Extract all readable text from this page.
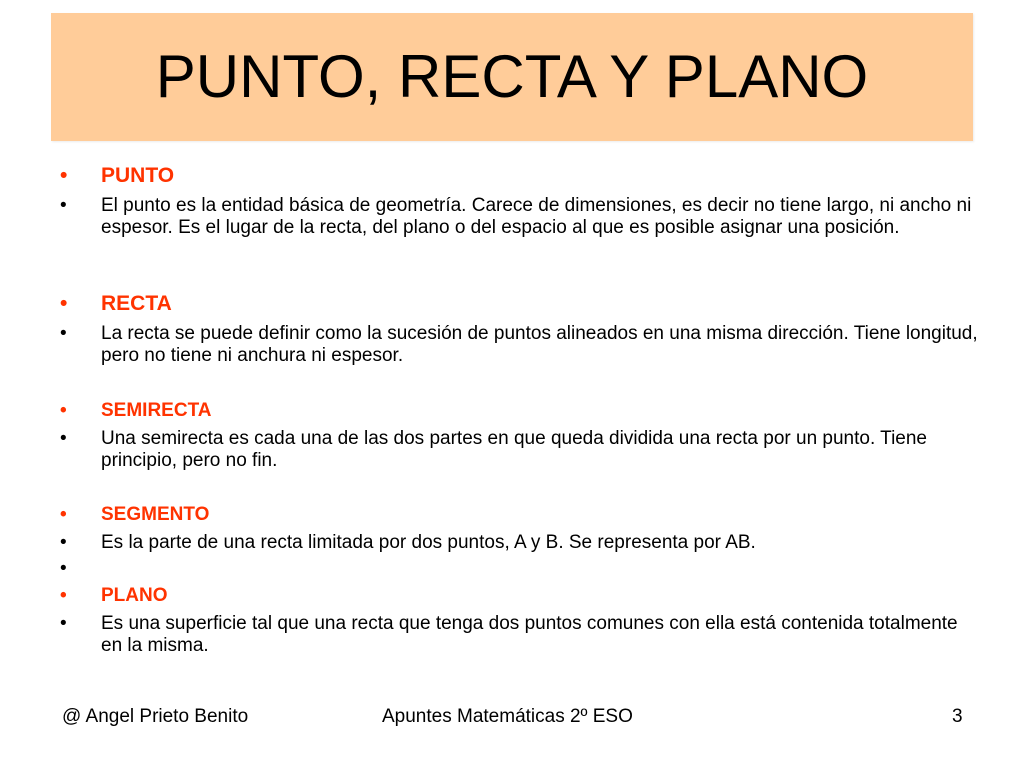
PUNTO, RECTA Y PLANO
•	PUNTO
•	El punto es la entidad básica de geometría. Carece de dimensiones, es decir no tiene largo, ni ancho ni espesor. Es el lugar de la recta, del plano o del espacio al que es posible asignar una posición.
•	RECTA
•	La recta se puede definir como la sucesión de puntos alineados en una misma dirección. Tiene longitud, pero no tiene ni anchura ni espesor.
•	SEMIRECTA
•	Una semirecta es cada una de las dos partes en que queda dividida una recta por un punto. Tiene principio, pero no fin.
•	SEGMENTO
•	Es la parte de una recta limitada por dos puntos, A y B. Se representa por AB.
•
•	PLANO
•	Es una superficie tal que una recta que tenga dos puntos comunes con ella está contenida totalmente en la misma.
@ Angel Prieto Benito	Apuntes Matemáticas 2º ESO	3
